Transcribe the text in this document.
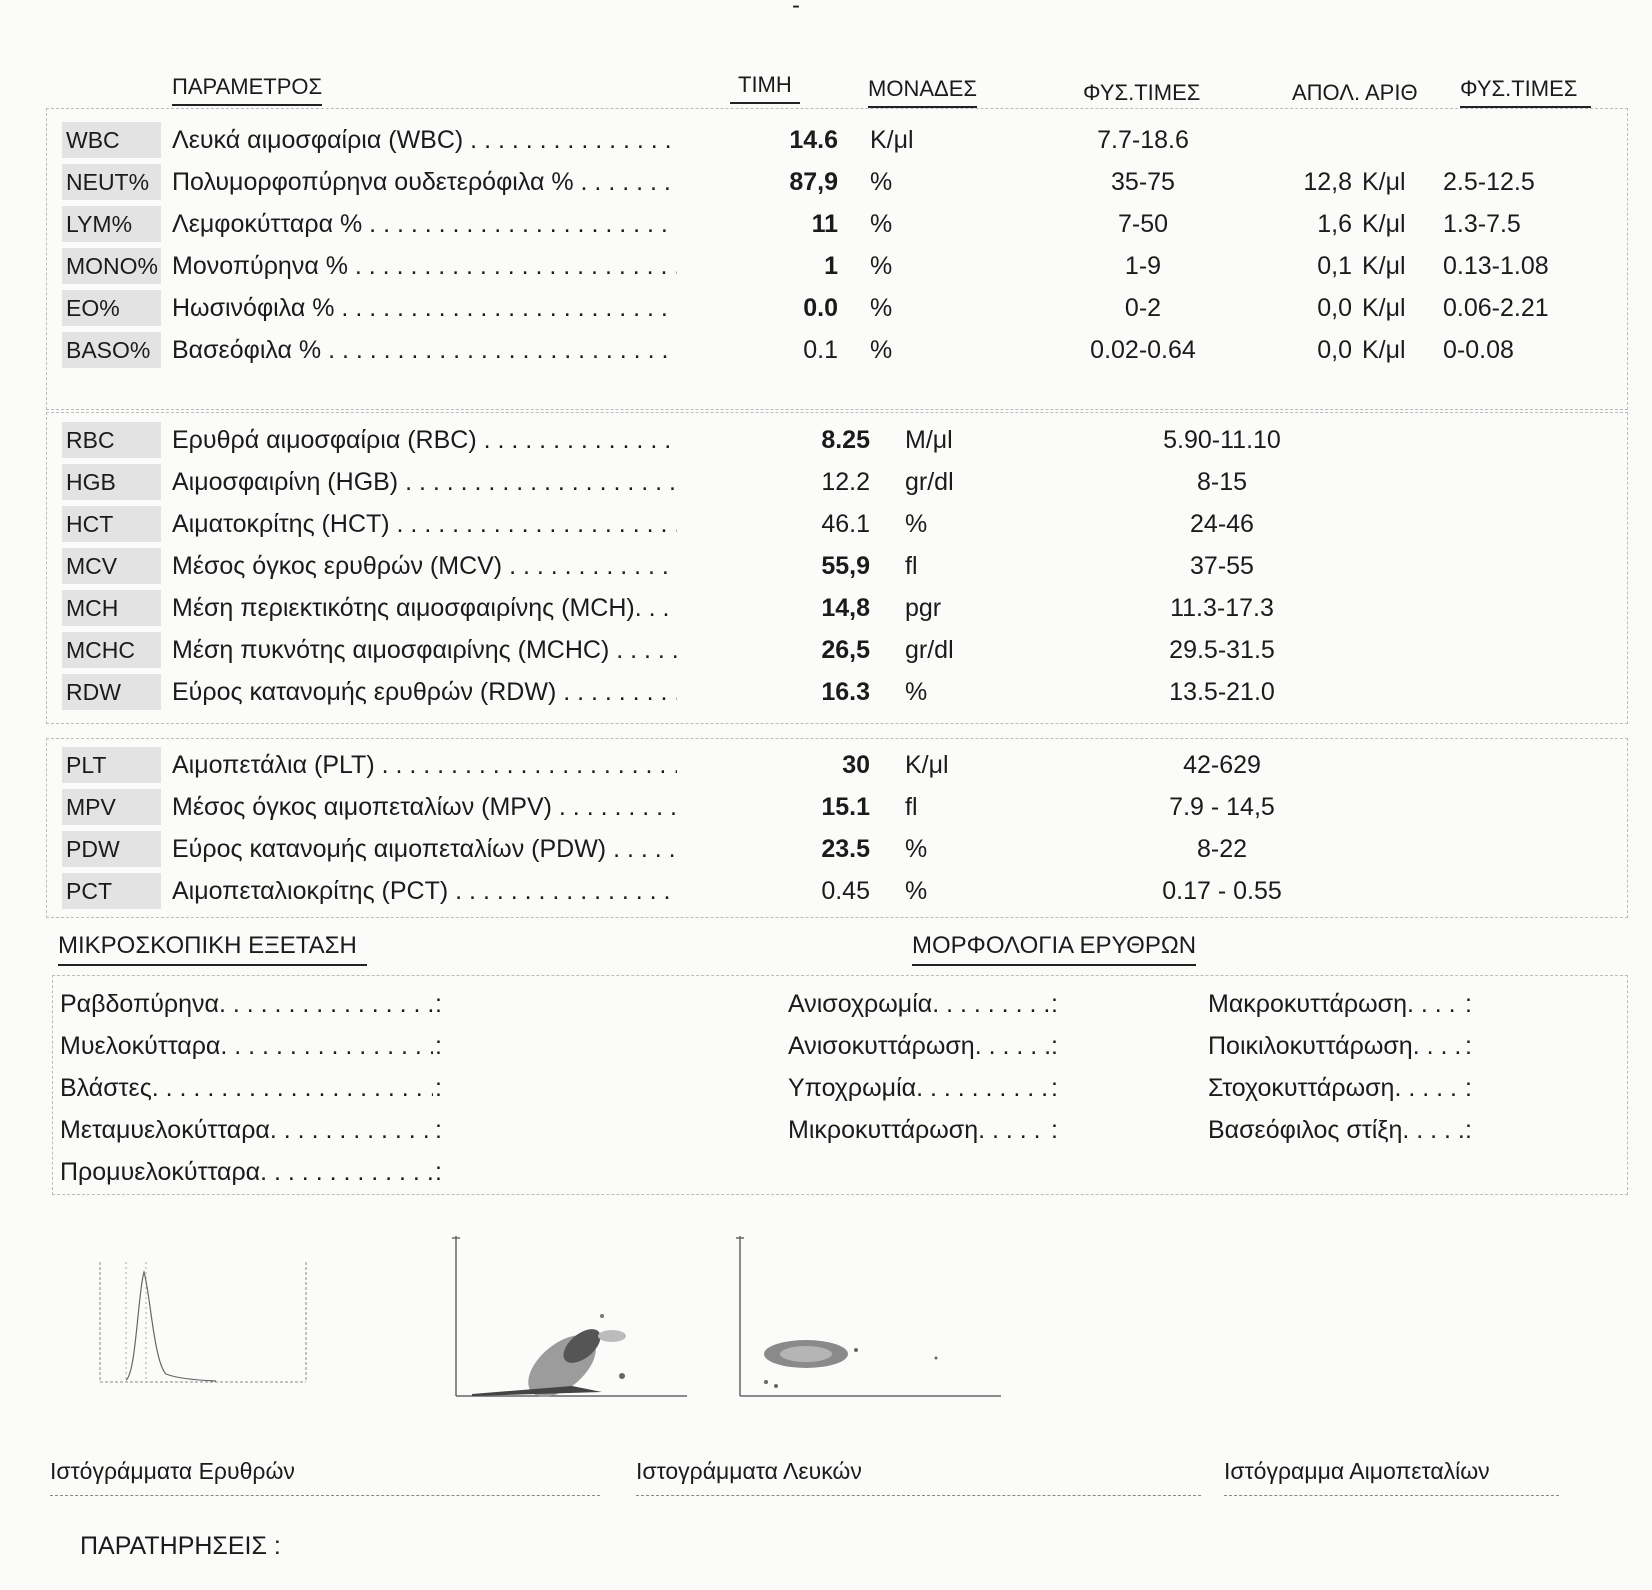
-
ΠΑΡΑΜΕΤΡΟΣ	ΤΙΜΗ	ΜΟΝΑΔΕΣ	ΦΥΣ.ΤΙΜΕΣ	ΑΠΟΛ. ΑΡΙΘ ΦΥΣ.ΤΙΜΕΣ
WBC	Λευκά αιμοσφαίρια (WBC) . . .	14.6 K/μl	7.7-18.6
NEUT% Πολυμορφοπύρηνα ουδετερόφιλα % . . .	87,9 %	35-75	12,8 K/μl 2.5-12.5
LYM%	Λεμφοκύτταρα % . . .	11 %	7-50	1,6 K/μl 1.3-7.5
MONO% Μονοπύρηνα % . . .	1 %	1-9	0,1 K/μl 0.13-1.08
EO%	Ηωσινόφιλα % . . .	0.0 %	0-2	0,0 K/μl 0.06-2.21
BASO% Βασεόφιλα % . . .	0.1 %	0.02-0.64	0,0 K/μl 0-0.08
RBC	Ερυθρά αιμοσφαίρια (RBC) . . .	8.25 M/μl	5.90-11.10
HGB	Αιμοσφαιρίνη (HGB) . . .	12.2 gr/dl	8-15
HCT	Αιματοκρίτης (HCT) . . .	46.1 %	24-46
MCV	Μέσος όγκος ερυθρών (MCV) . . .	55,9 fl	37-55
MCH	Μέση περιεκτικότης αιμοσφαιρίνης (MCH). . . .	14,8 pgr	11.3-17.3
MCHC	Μέση πυκνότης αιμοσφαιρίνης (MCHC) . . .	26,5 gr/dl	29.5-31.5
RDW	Εύρος κατανομής ερυθρών (RDW) . . .	16.3 %	13.5-21.0
PLT	Αιμοπετάλια (PLT) . . .	30 K/μl	42-629
MPV	Μέσος όγκος αιμοπεταλίων (MPV) . . .	15.1 fl	7.9 - 14,5
PDW	Εύρος κατανομής αιμοπεταλίων (PDW) . . .	23.5 %	8-22
PCT	Αιμοπεταλιοκρίτης (PCT) . . .	0.45 %	0.17 - 0.55
ΜΙΚΡΟΣΚΟΠΙΚΗ ΕΞΕΤΑΣΗ	ΜΟΡΦΟΛΟΓΙΑ ΕΡΥΘΡΩΝ
Ραβδοπύρηνα . . .	:
Μυελοκύτταρα . . .	:
Βλάστες . . .	:
Μεταμυελοκύτταρα . . .	:
Προμυελοκύτταρα . . .	:
Ανισοχρωμία . . .	:
Ανισοκυττάρωση . . .	:
Υποχρωμία . . .	:
Μικροκυττάρωση . . .	:
Μακροκυττάρωση . . . :
Ποικιλοκυττάρωση . . . :
Στοχοκυττάρωση . . .	:
Βασεόφιλος στίξη . . .	:
Ιστόγράμματα Ερυθρών	Ιστογράμματα Λευκών	Ιστόγραμμα Αιμοπεταλίων
ΠΑΡΑΤΗΡΗΣΕΙΣ :
